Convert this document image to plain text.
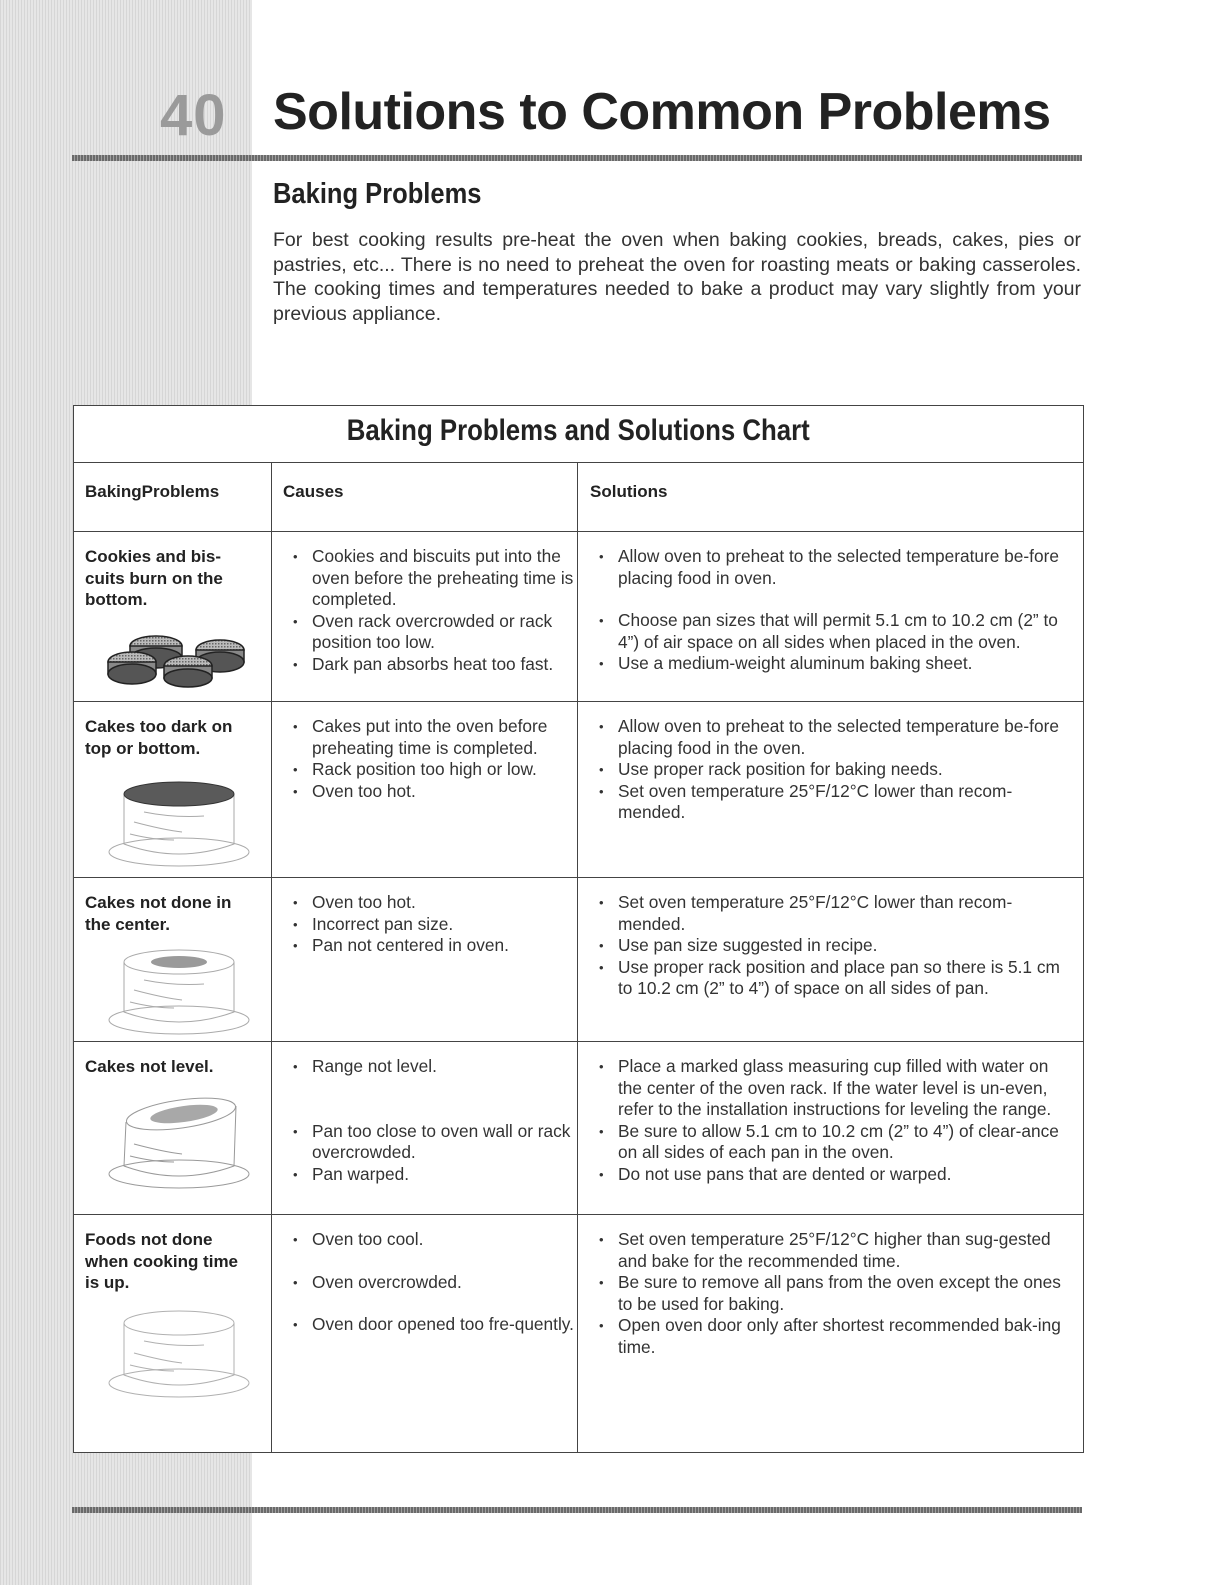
40 Solutions to Common Problems
Baking Problems
For best cooking results pre-heat the oven when baking cookies, breads, cakes, pies or pastries, etc... There is no need to preheat the oven for roasting meats or baking casseroles. The cooking times and temperatures needed to bake a product may vary slightly from your previous appliance.
Baking Problems and Solutions Chart
BakingProblems	Causes	Solutions
Cookies and bis-cuits burn on the bottom.
• Cookies and biscuits put into the oven before the preheating time is completed.
• Oven rack overcrowded or rack position too low.
• Dark pan absorbs heat too fast.
• Allow oven to preheat to the selected temperature be-fore placing food in oven.
• Choose pan sizes that will permit 5.1 cm to 10.2 cm (2” to 4”) of air space on all sides when placed in the oven.
• Use a medium-weight aluminum baking sheet.
Cakes too dark on top or bottom.
• Cakes put into the oven before preheating time is completed.
• Rack position too high or low.
• Oven too hot.
• Allow oven to preheat to the selected temperature be-fore placing food in the oven.
• Use proper rack position for baking needs.
• Set oven temperature 25°F/12°C lower than recom-mended.
Cakes not done in the center.
• Oven too hot.
• Incorrect pan size.
• Pan not centered in oven.
• Set oven temperature 25°F/12°C lower than recom-mended.
• Use pan size suggested in recipe.
• Use proper rack position and place pan so there is 5.1 cm to 10.2 cm (2” to 4”) of space on all sides of pan.
Cakes not level.
•	Range not level.
• Pan too close to oven wall or rack overcrowded.
• Pan warped.
• Place a marked glass measuring cup filled with water on the center of the oven rack. If the water level is un-even, refer to the installation instructions for leveling the range.
• Be sure to allow 5.1 cm to 10.2 cm (2” to 4”) of clear-ance on all sides of each pan in the oven.
• Do not use pans that are dented or warped.
Foods not done when cooking time is up.
• Oven too cool.
• Oven overcrowded.
• Oven door opened too fre-quently.
• Set oven temperature 25°F/12°C higher than sug-gested and bake for the recommended time.
• Be sure to remove all pans from the oven except the ones to be used for baking.
• Open oven door only after shortest recommended bak-ing time.
